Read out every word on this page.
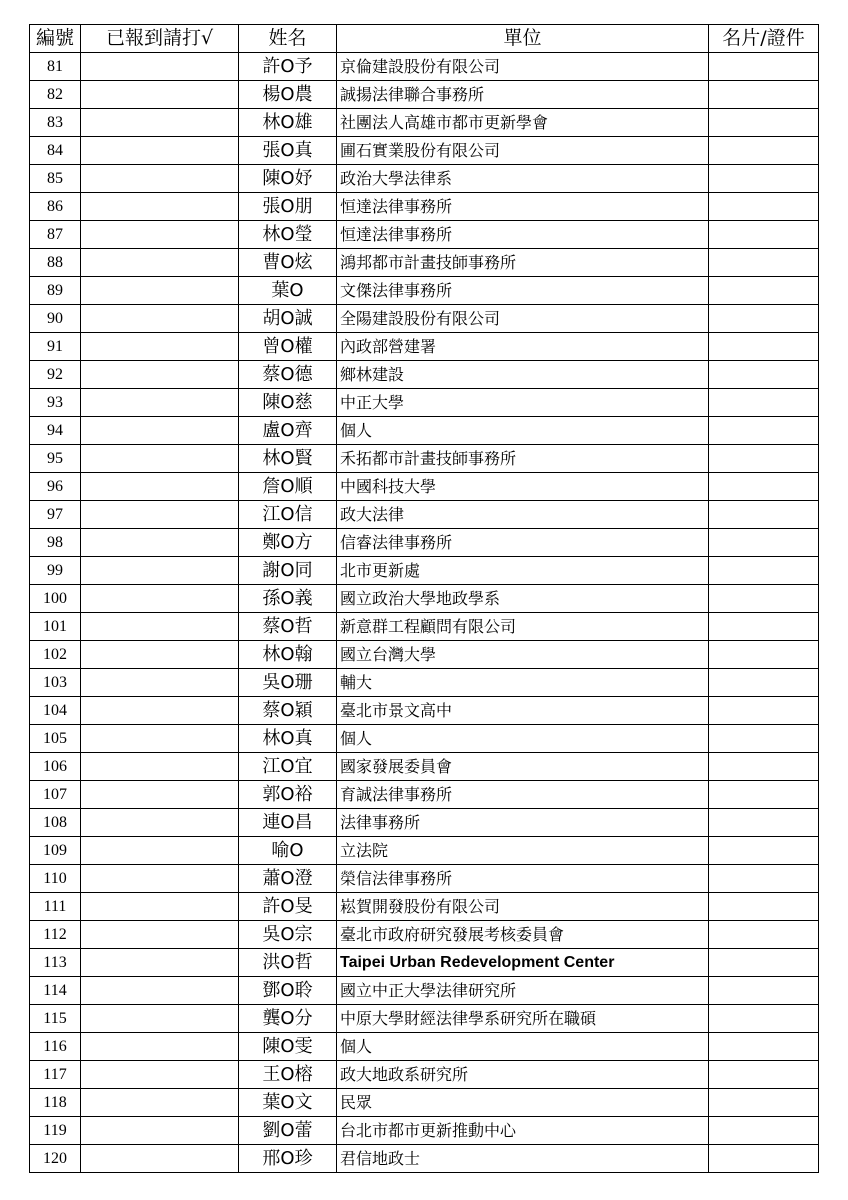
編號	已報到請打√	姓名	單位	名片/證件
81		許O予	京倫建設股份有限公司	
82		楊O農	誠揚法律聯合事務所	
83		林O雄	社團法人高雄市都市更新學會	
84		張O真	圃石實業股份有限公司	
85		陳O妤	政治大學法律系	
86		張O朋	恒達法律事務所	
87		林O瑩	恒達法律事務所	
88		曹O炫	鴻邦都市計畫技師事務所	
89		葉O	文傑法律事務所	
90		胡O誠	全陽建設股份有限公司	
91		曾O權	內政部營建署	
92		蔡O德	鄉林建設	
93		陳O慈	中正大學	
94		盧O齊	個人	
95		林O賢	禾拓都市計畫技師事務所	
96		詹O順	中國科技大學	
97		江O信	政大法律	
98		鄭O方	信睿法律事務所	
99		謝O同	北市更新處	
100		孫O義	國立政治大學地政學系	
101		蔡O哲	新意群工程顧問有限公司	
102		林O翰	國立台灣大學	
103		吳O珊	輔大	
104		蔡O穎	臺北市景文高中	
105		林O真	個人	
106		江O宜	國家發展委員會	
107		郭O裕	育誠法律事務所	
108		連O昌	法律事務所	
109		喻O	立法院	
110		蕭O澄	榮信法律事務所	
111		許O旻	崧賀開發股份有限公司	
112		吳O宗	臺北市政府研究發展考核委員會	
113		洪O哲	Taipei Urban Redevelopment Center	
114		鄧O聆	國立中正大學法律研究所	
115		龔O分	中原大學財經法律學系研究所在職碩	
116		陳O雯	個人	
117		王O榕	政大地政系研究所	
118		葉O文	民眾	
119		劉O蕾	台北市都市更新推動中心	
120		邢O珍	君信地政士	
